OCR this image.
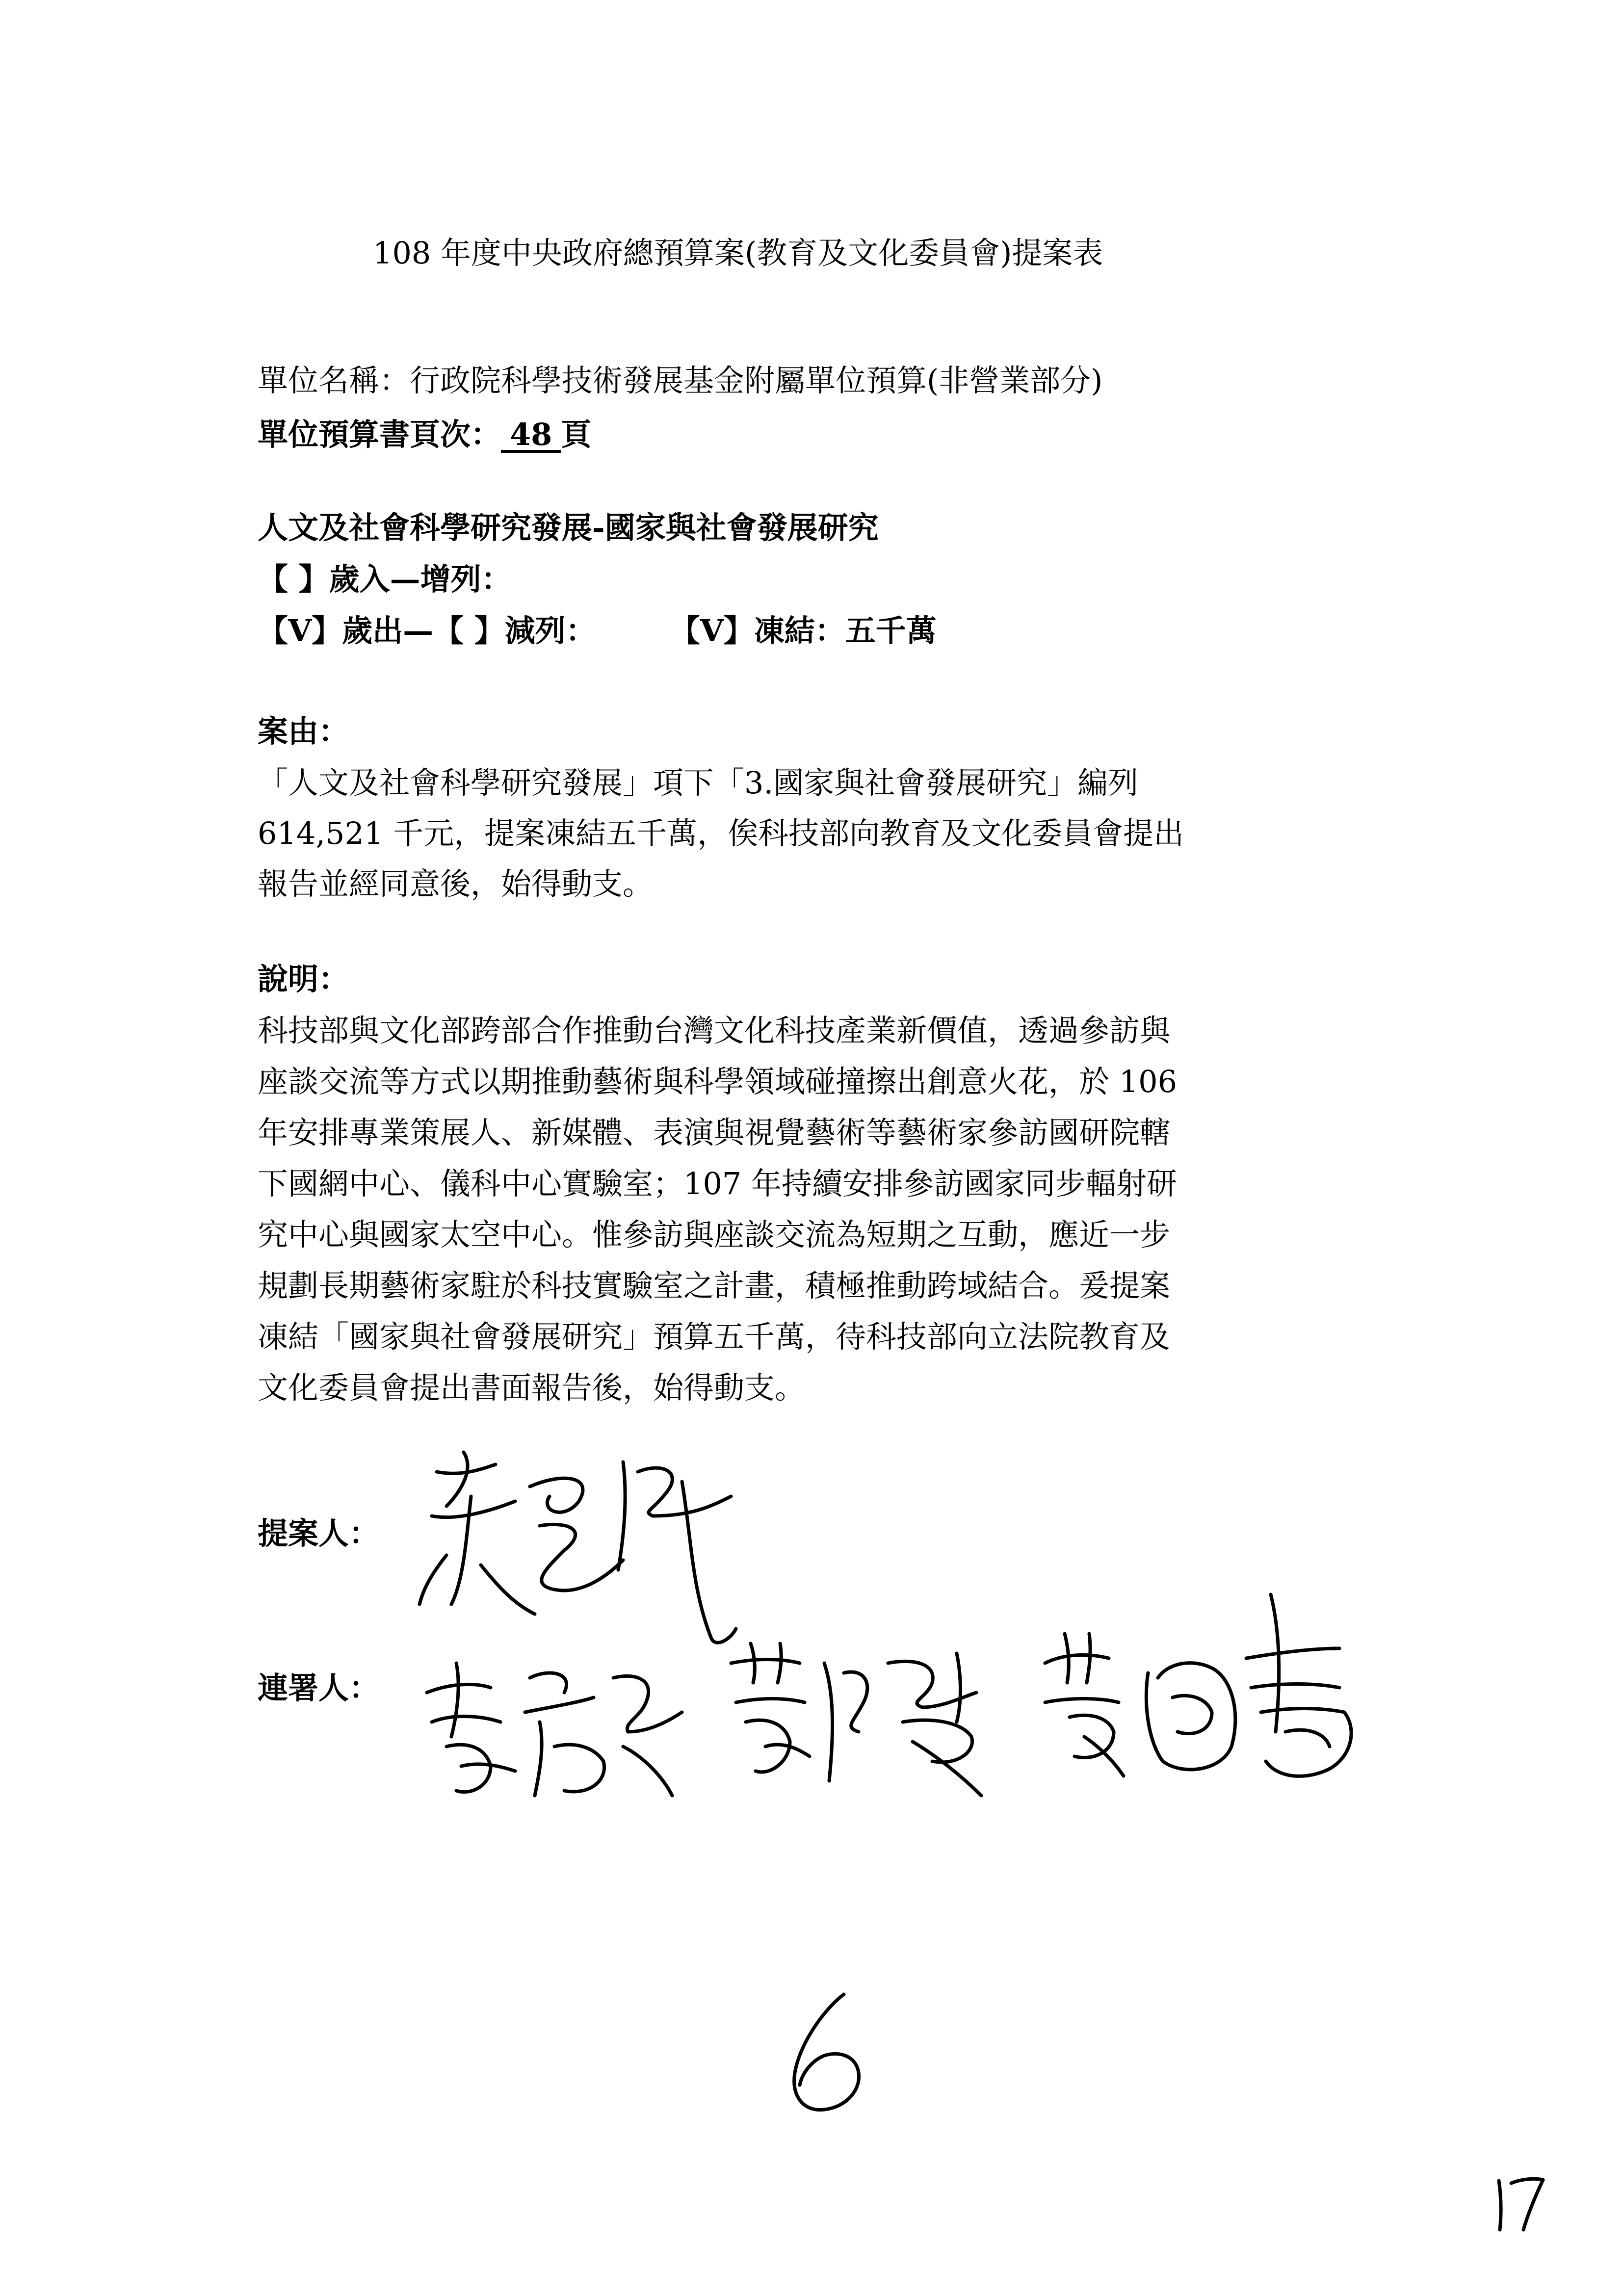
108 年度中央政府總預算案(教育及文化委員會)提案表
單位名稱：行政院科學技術發展基金附屬單位預算(非營業部分)
單位預算書頁次： 48 頁
人文及社會科學研究發展-國家與社會發展研究
【 】歲入—增列：
【V】歲出—【 】減列： 【V】凍結：五千萬
案由：
「人文及社會科學研究發展」項下「3.國家與社會發展研究」編列
614,521 千元，提案凍結五千萬，俟科技部向教育及文化委員會提出
報告並經同意後，始得動支。
說明：
科技部與文化部跨部合作推動台灣文化科技產業新價值，透過參訪與
座談交流等方式以期推動藝術與科學領域碰撞擦出創意火花，於 106
年安排專業策展人、新媒體、表演與視覺藝術等藝術家參訪國研院轄
下國網中心、儀科中心實驗室；107 年持續安排參訪國家同步輻射研
究中心與國家太空中心。惟參訪與座談交流為短期之互動，應近一步
規劃長期藝術家駐於科技實驗室之計畫，積極推動跨域結合。爰提案
凍結「國家與社會發展研究」預算五千萬，待科技部向立法院教育及
文化委員會提出書面報告後，始得動支。
提案人：
連署人：
